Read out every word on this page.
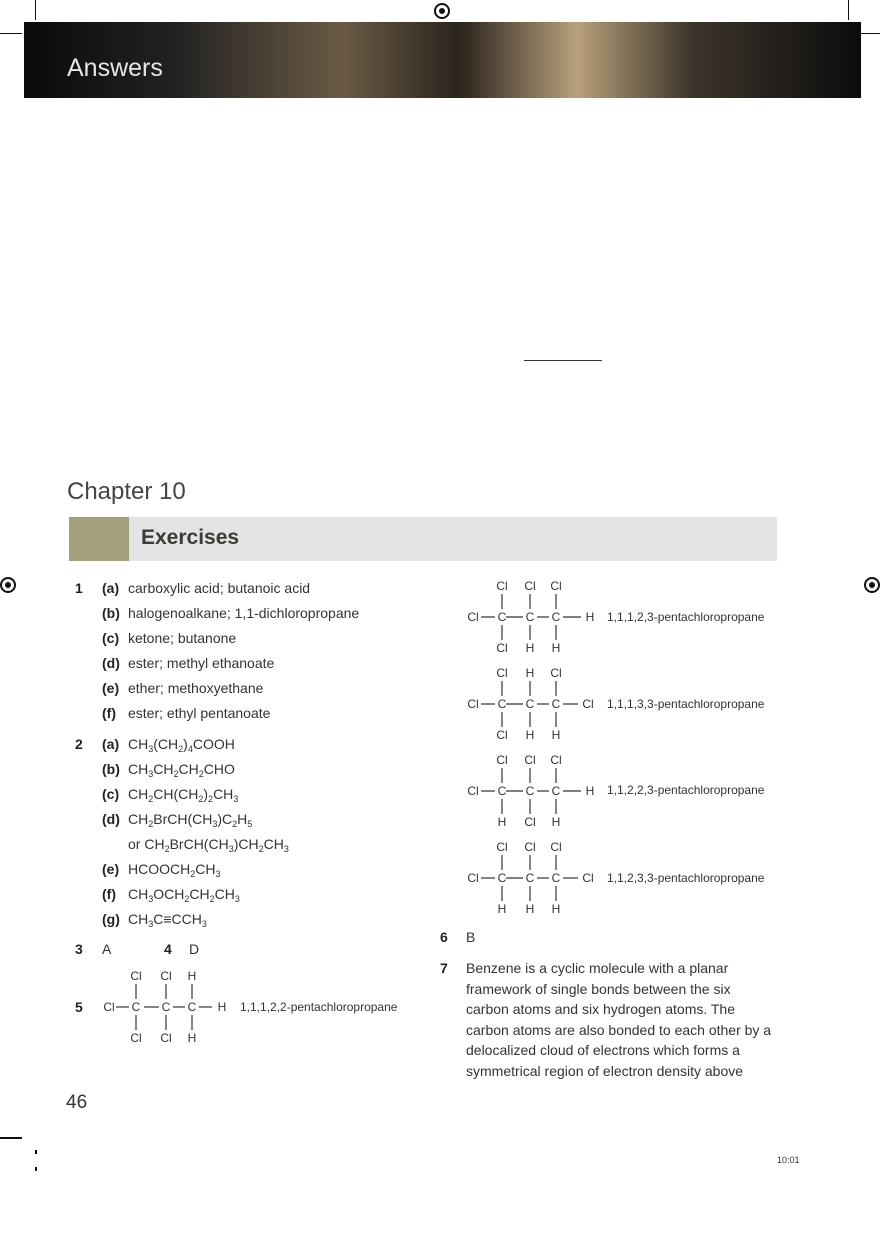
Answers
Chapter 10
Exercises
1 (a) carboxylic acid; butanoic acid
(b) halogenoalkane; 1,1-dichloropropane
(c) ketone; butanone
(d) ester; methyl ethanoate
(e) ether; methoxyethane
(f) ester; ethyl pentanoate
2 (a) $CH_3(CH_2)_4COOH$
(b) $CH_3CH_2CH_2CHO$
(c) $CH_2CH(CH_2)_2CH_3$
(d) $CH_2BrCH(CH_3)C_2H_5$
or $CH_2BrCH(CH_3)CH_2CH_3$
(e) $HCOOCH_2CH_3$
(f) $CH_3OCH_2CH_2CH_3$
(g) $CH_3C\equiv CCH_3$
3 A	4 D
5
Cl Cl H
Cl Cl H
C C C
Cl	H 1,1,1,2,2-pentachloropropane
Cl Cl Cl
Cl H H
C C C
Cl	H 1,1,1,2,3-pentachloropropane
Cl H Cl
Cl H H
C C C
Cl	Cl 1,1,1,3,3-pentachloropropane
Cl Cl Cl
H Cl H
C C C
Cl	H 1,1,2,2,3-pentachloropropane
Cl Cl Cl
H H H
C C C
Cl	Cl 1,1,2,3,3-pentachloropropane
6 B
7 Benzene is a cyclic molecule with a planar framework of single bonds between the six carbon atoms and six hydrogen atoms. The carbon atoms are also bonded to each other by a delocalized cloud of electrons which forms a symmetrical region of electron density above
46
10:01
